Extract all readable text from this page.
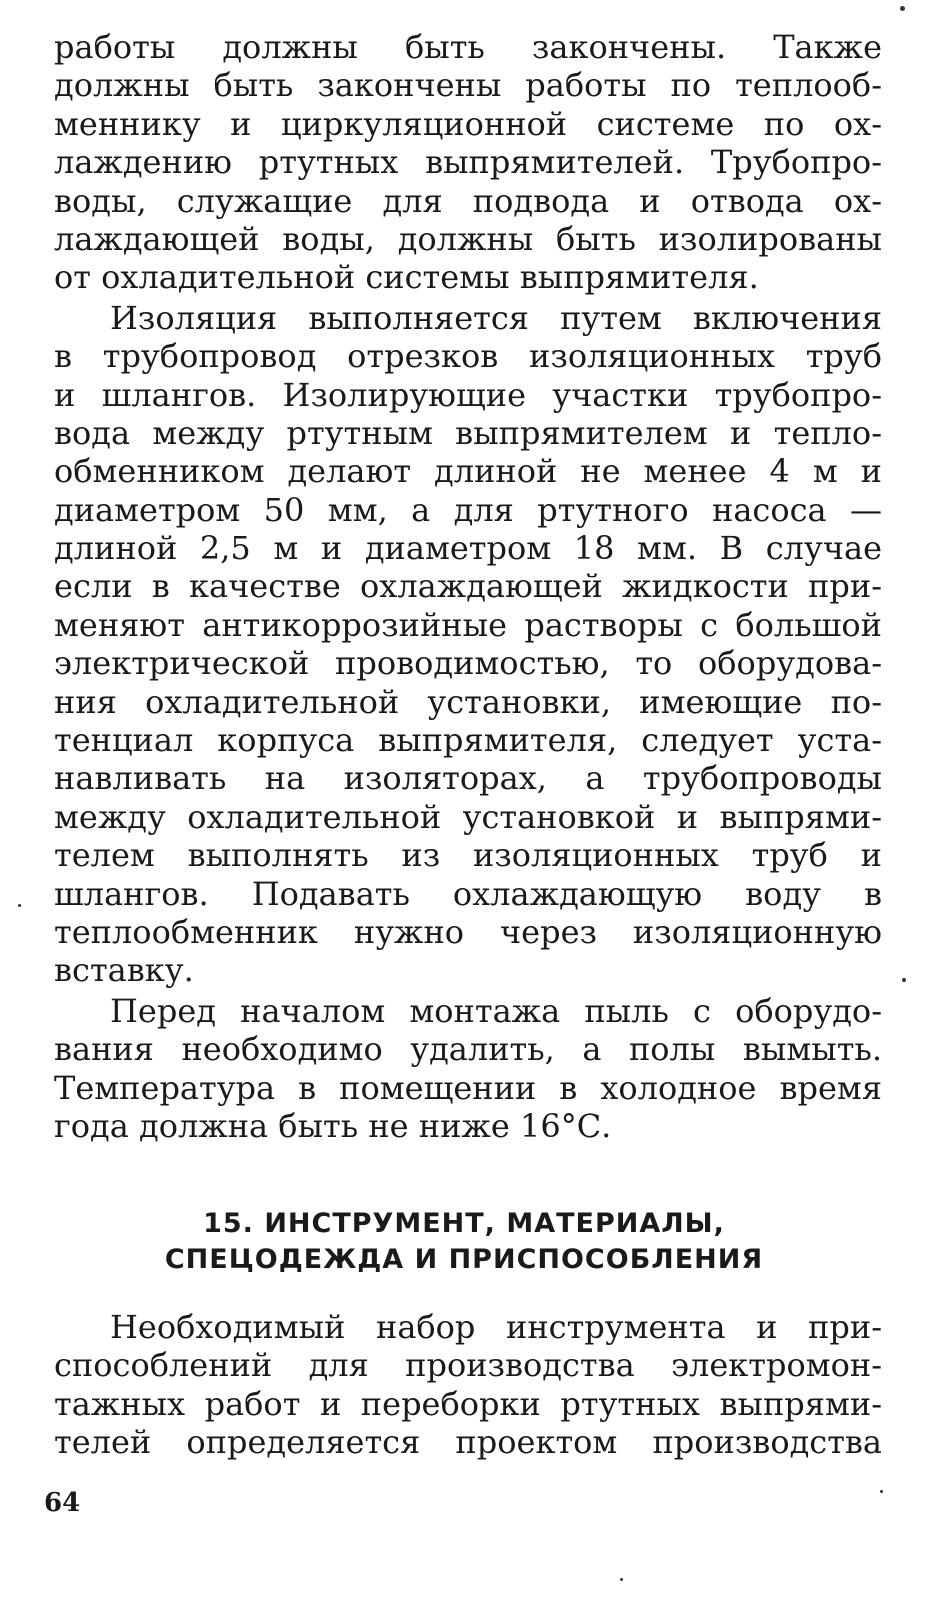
работы должны быть закончены. Также
должны быть закончены работы по теплооб-
меннику и циркуляционной системе по ох-
лаждению ртутных выпрямителей. Трубопро-
воды, служащие для подвода и отвода ох-
лаждающей воды, должны быть изолированы
от охладительной системы выпрямителя.
Изоляция выполняется путем включения
в трубопровод отрезков изоляционных труб
и шлангов. Изолирующие участки трубопро-
вода между ртутным выпрямителем и тепло-
обменником делают длиной не менее 4 м и
диаметром 50 мм, а для ртутного насоса —
длиной 2,5 м и диаметром 18 мм. В случае
если в качестве охлаждающей жидкости при-
меняют антикоррозийные растворы с большой
электрической проводимостью, то оборудова-
ния охладительной установки, имеющие по-
тенциал корпуса выпрямителя, следует уста-
навливать на изоляторах, а трубопроводы
между охладительной установкой и выпрями-
телем выполнять из изоляционных труб и
шлангов. Подавать охлаждающую воду в
теплообменник нужно через изоляционную
вставку.
Перед началом монтажа пыль с оборудо-
вания необходимо удалить, а полы вымыть.
Температура в помещении в холодное время
года должна быть не ниже 16°С.
15. ИНСТРУМЕНТ, МАТЕРИАЛЫ,
СПЕЦОДЕЖДА И ПРИСПОСОБЛЕНИЯ
Необходимый набор инструмента и при-
способлений для производства электромон-
тажных работ и переборки ртутных выпрями-
телей определяется проектом производства
64
